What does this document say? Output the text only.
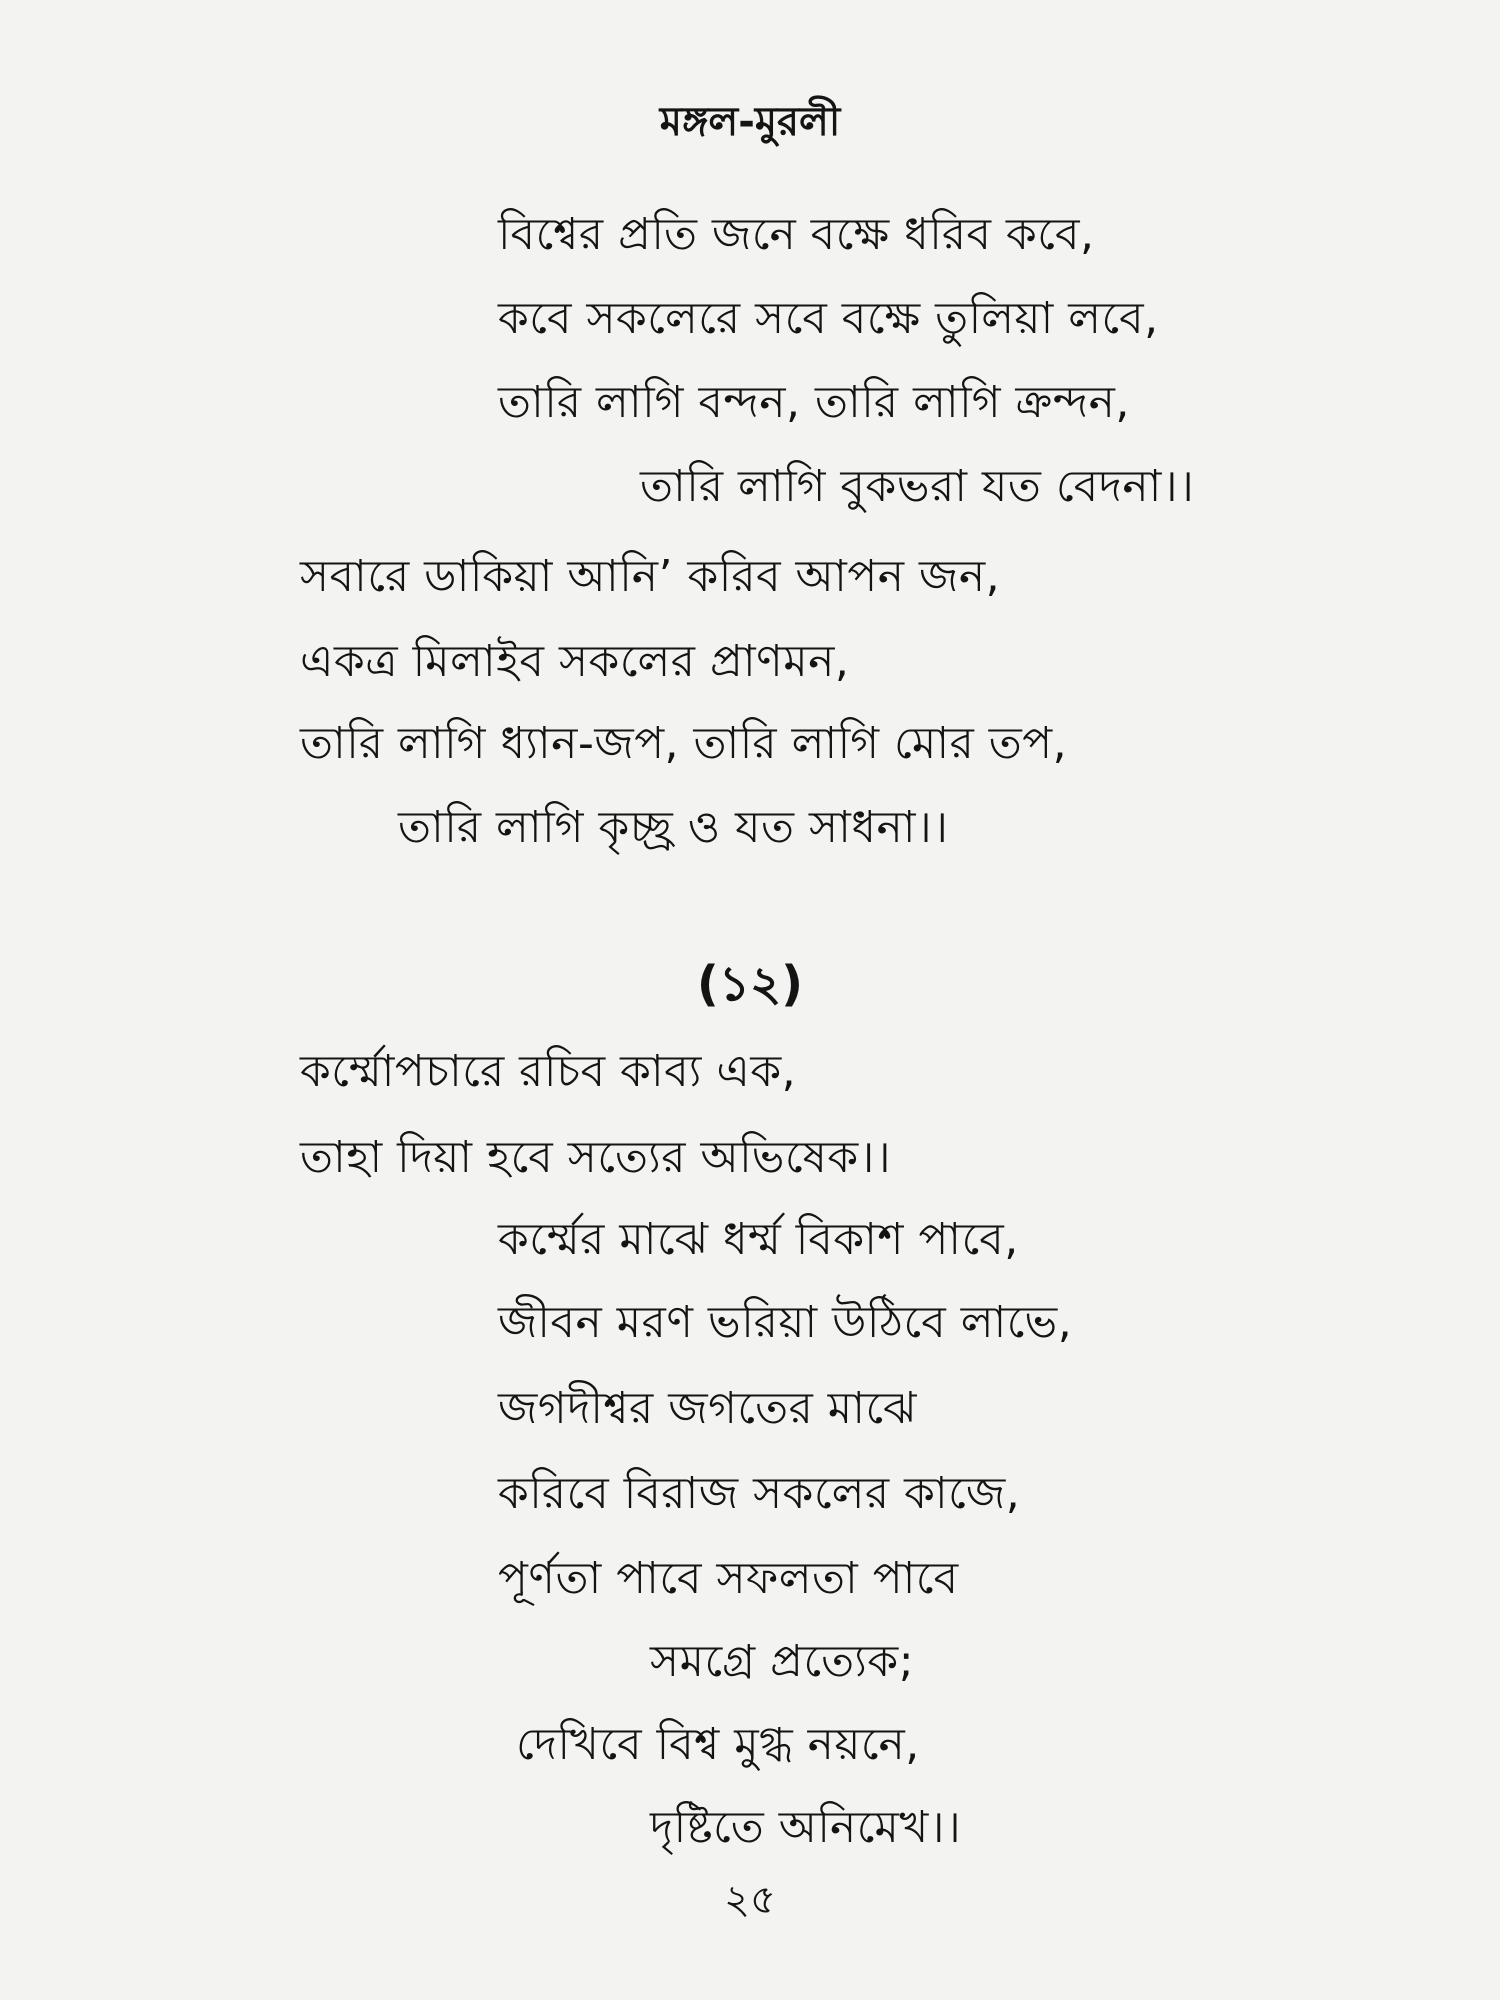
মঙ্গল-মুরলী
বিশ্বের প্রতি জনে বক্ষে ধরিব কবে,
কবে সকলেরে সবে বক্ষে তুলিয়া লবে,
তারি লাগি বন্দন, তারি লাগি ক্রন্দন,
তারি লাগি বুকভরা যত বেদনা।।
সবারে ডাকিয়া আনি’ করিব আপন জন,
একত্র মিলাইব সকলের প্রাণমন,
তারি লাগি ধ্যান-জপ, তারি লাগি মোর তপ,
তারি লাগি কৃচ্ছ্র ও যত সাধনা।।
(১২)
কর্ম্মোপচারে রচিব কাব্য এক,
তাহা দিয়া হবে সত্যের অভিষেক।।
কর্ম্মের মাঝে ধর্ম্ম বিকাশ পাবে,
জীবন মরণ ভরিয়া উঠিবে লাভে,
জগদীশ্বর জগতের মাঝে
করিবে বিরাজ সকলের কাজে,
পূর্ণতা পাবে সফলতা পাবে
সমগ্রে প্রত্যেক;
দেখিবে বিশ্ব মুগ্ধ নয়নে,
দৃষ্টিতে অনিমেখ।।
২৫
